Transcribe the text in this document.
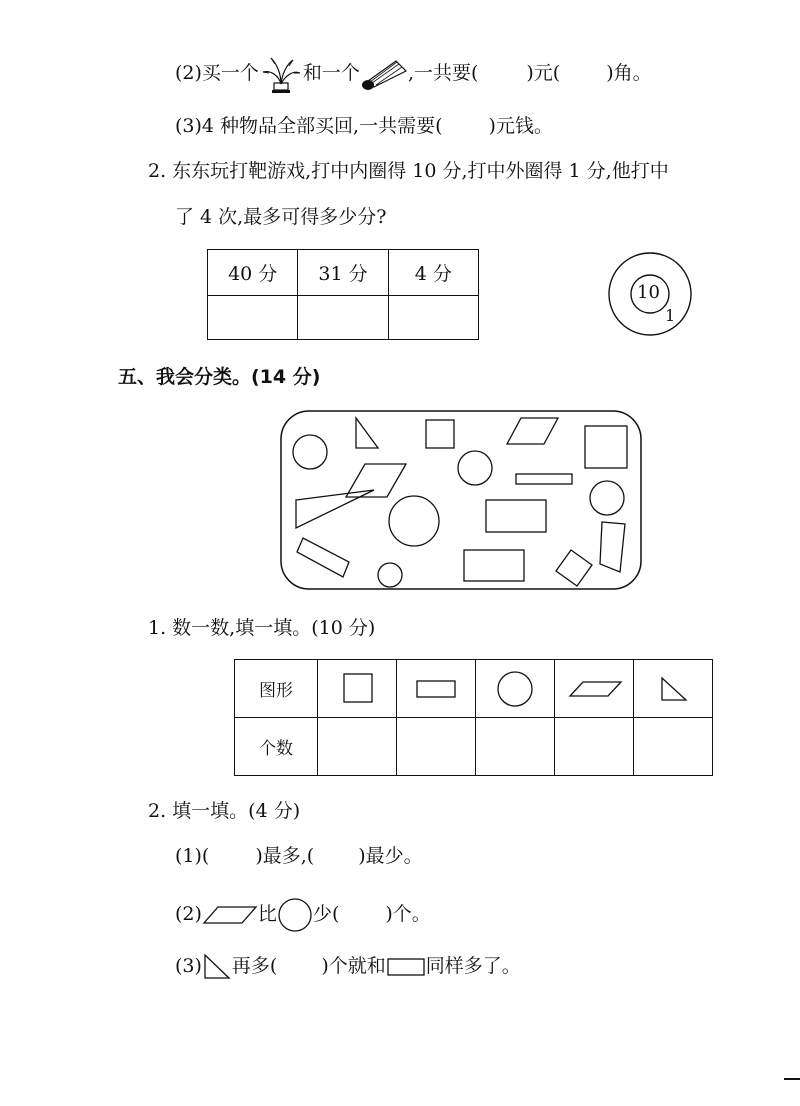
(2)买一个 和一个	,一共要(	)元( )角。
(3)4 种物品全部买回,一共需要( )元钱。
2. 东东玩打靶游戏,打中内圈得 10 分,打中外圈得 1 分,他打中
了 4 次,最多可得多少分?
40 分	31 分	4 分

10
1
五、我会分类。(14 分)
1. 数一数,填一填。(10 分)
图形	

个数					
2. 填一填。(4 分)
(1)( )最多,( )最少。
(2)	比 少( )个。
(3) 再多( )个就和 同样多了。
